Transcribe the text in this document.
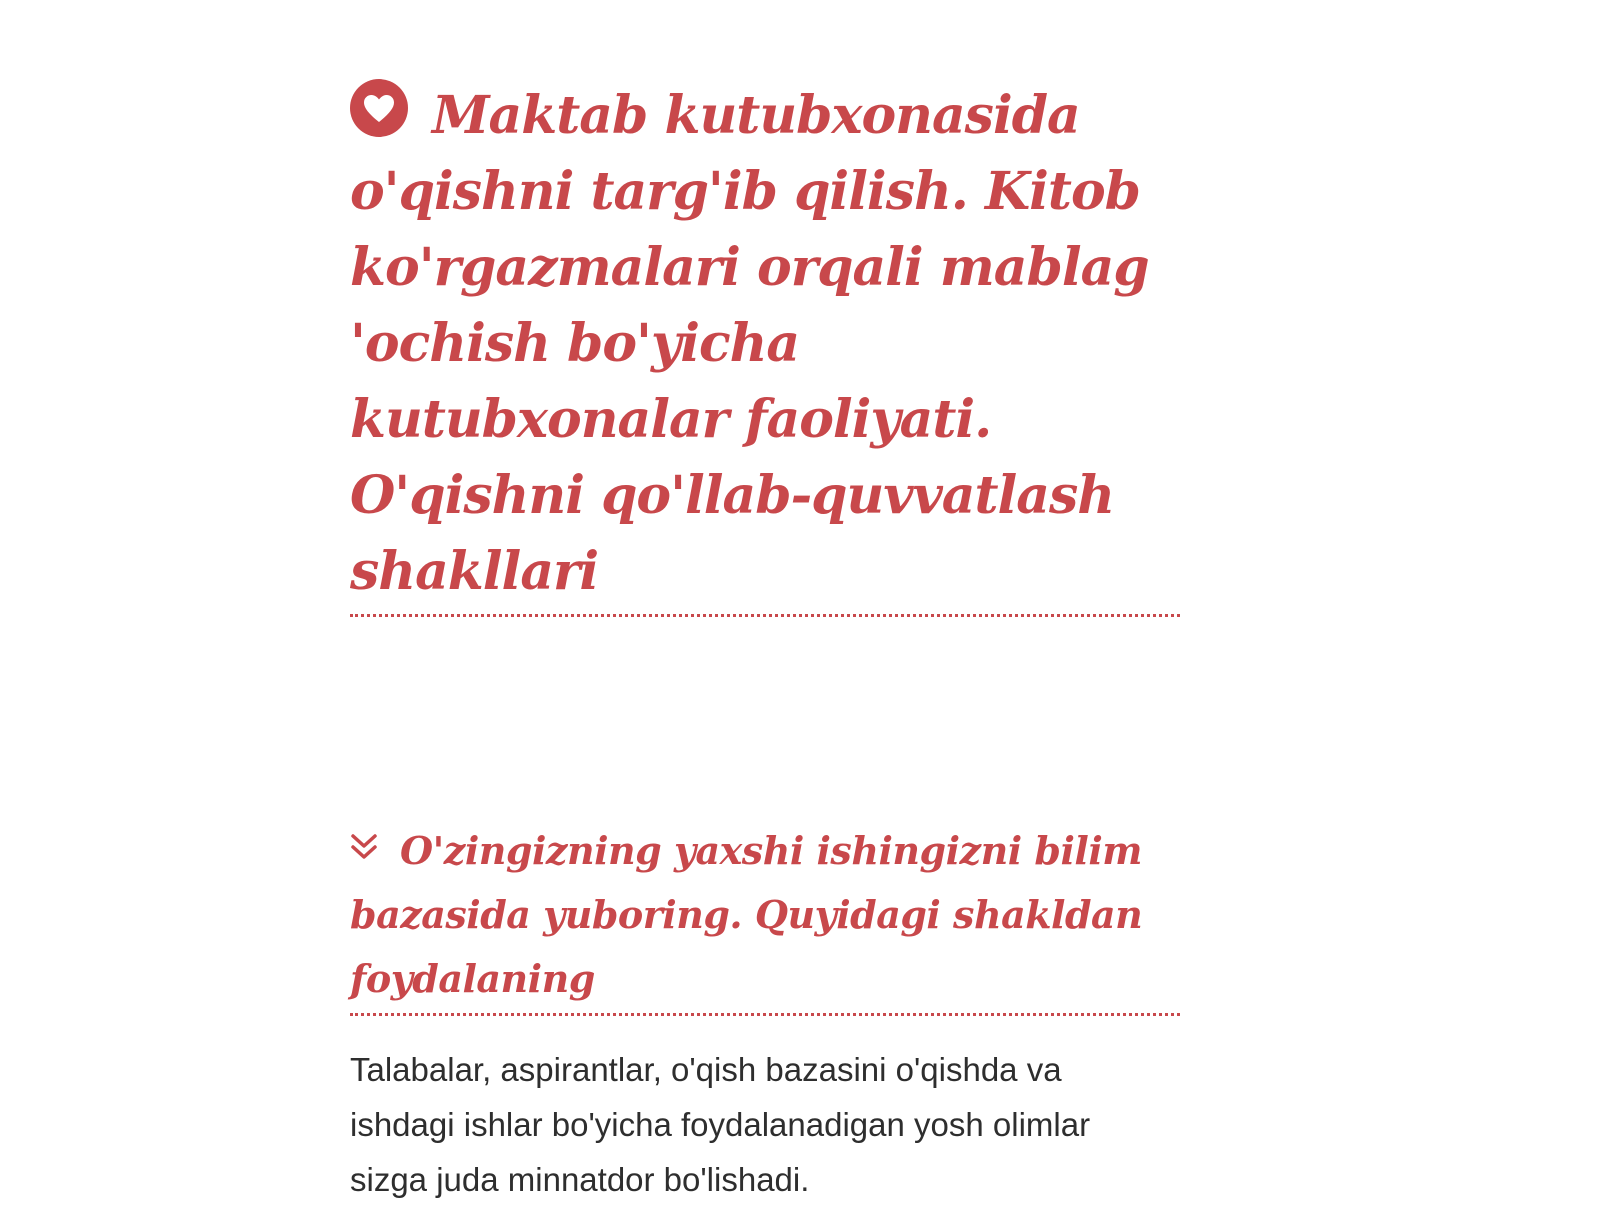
Maktab kutubxonasida o'qishni targ'ib qilish. Kitob ko'rgazmalari orqali mablag 'ochish bo'yicha kutubxonalar faoliyati. O'qishni qo'llab-quvvatlash shakllari
O'zingizning yaxshi ishingizni bilim bazasida yuboring. Quyidagi shakldan foydalaning

Talabalar, aspirantlar, o'qish bazasini o'qishda va ishdagi ishlar bo'yicha foydalanadigan yosh olimlar sizga juda minnatdor bo'lishadi.
